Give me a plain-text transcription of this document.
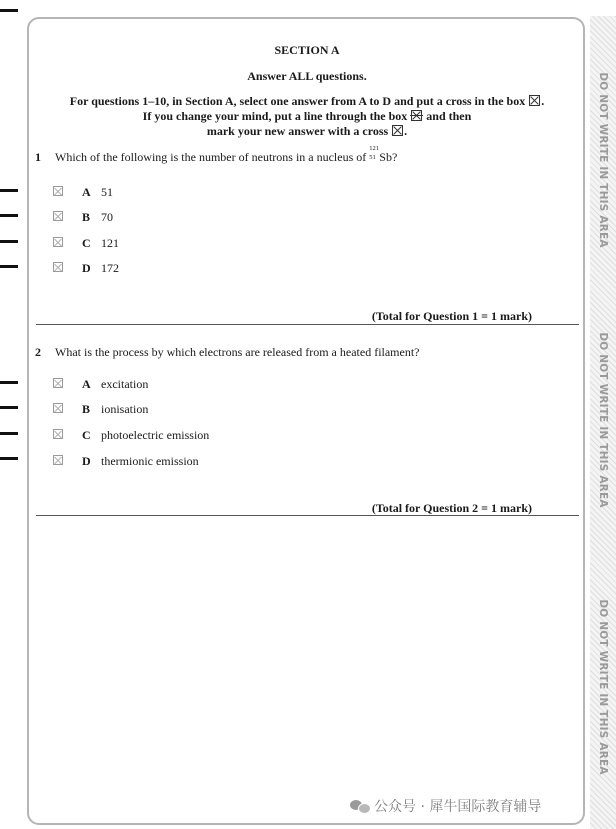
DO NOT WRITE IN THIS AREA
DO NOT WRITE IN THIS AREA
DO NOT WRITE IN THIS AREA
SECTION A
Answer ALL questions.
For questions 1–10, in Section A, select one answer from A to D and put a cross in the box ☒.
If you change your mind, put a line through the box and then
mark your new answer with a cross ☒.
1 Which of the following is the number of neutrons in a nucleus of
121
51 Sb?
A 51
B 70
C 121
D 172
(Total for Question 1 = 1 mark)
2 What is the process by which electrons are released from a heated filament?
A excitation
B ionisation
C photoelectric emission
D thermionic emission
(Total for Question 2 = 1 mark)
公众号 · 犀牛国际教育辅导
